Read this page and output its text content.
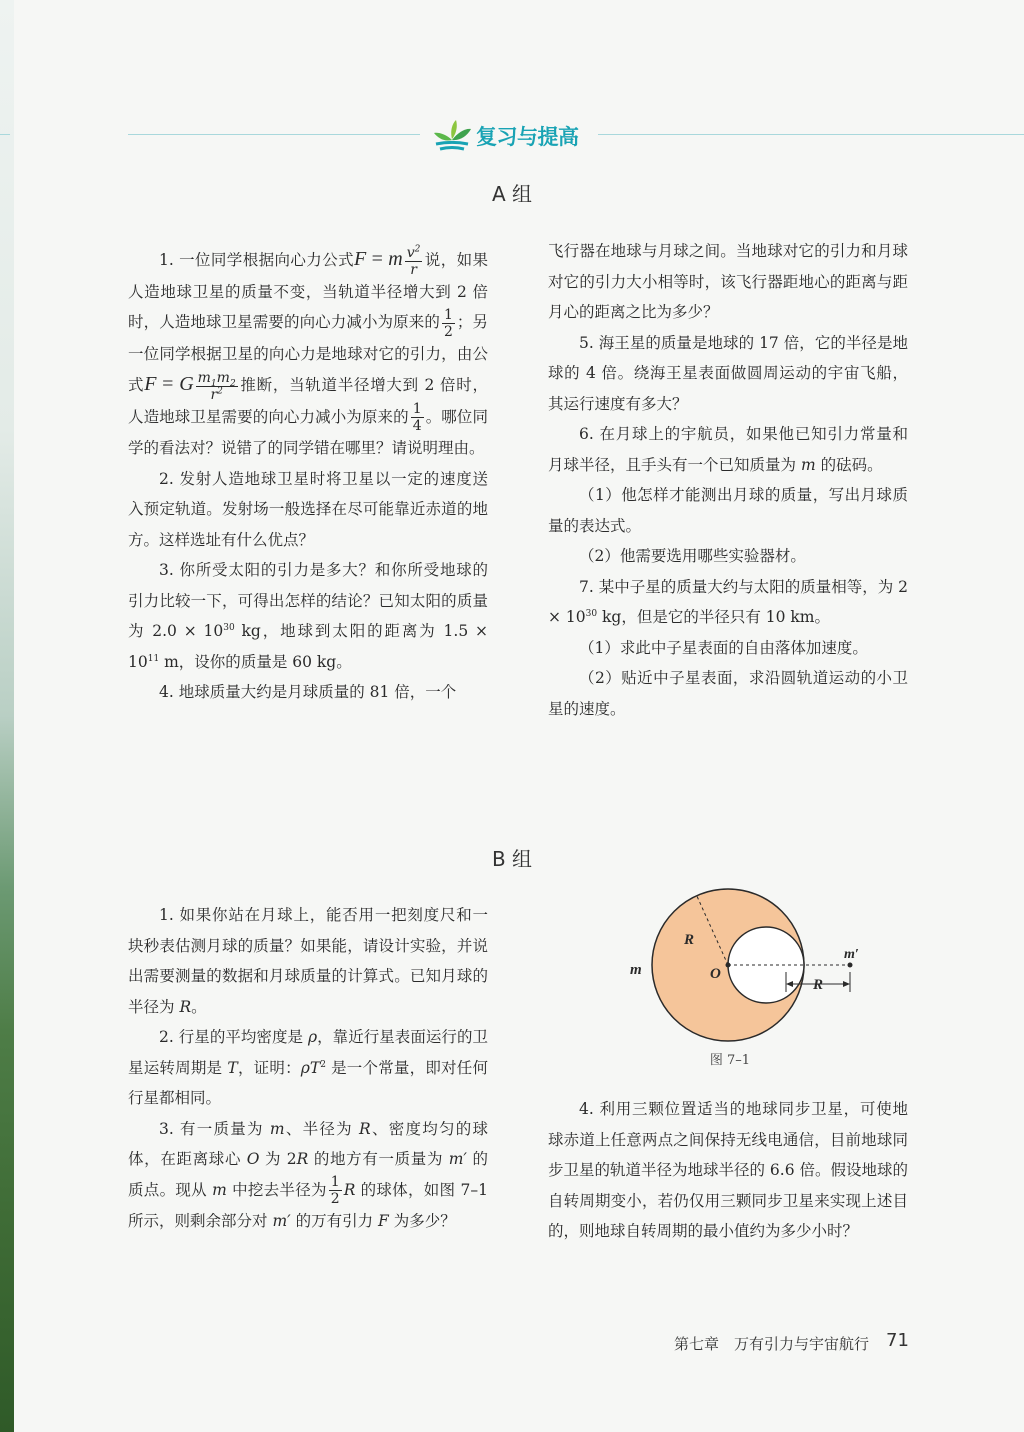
复习与提高
A 组

1. 一位同学根据向心力公式F = m $\frac{v^2}{r}$ 说，如果人造地球卫星的质量不变，当轨道半径增大到 2 倍时，人造地球卫星需要的向心力减小为原来的 $\frac{1}{2}$ ；另一位同学根据卫星的向心力是地球对它的引力，由公式F = G $\frac{m_1m_2}{r^2}$ 推断，当轨道半径增大到 2 倍时，人造地球卫星需要的向心力减小为原来的 $\frac{1}{4}$ 。哪位同学的看法对？说错了的同学错在哪里？请说明理由。

2. 发射人造地球卫星时将卫星以一定的速度送入预定轨道。发射场一般选择在尽可能靠近赤道的地方。这样选址有什么优点？

3. 你所受太阳的引力是多大？和你所受地球的引力比较一下，可得出怎样的结论？已知太阳的质量为 $2.0 \times 10^{30}$ kg，地球到太阳的距离为 $1.5 \times 10^{11}$ m，设你的质量是 60 kg。

4. 地球质量大约是月球质量的 81 倍，一个

飞行器在地球与月球之间。当地球对它的引力和月球对它的引力大小相等时，该飞行器距地心的距离与距月心的距离之比为多少？

5. 海王星的质量是地球的 17 倍，它的半径是地球的 4 倍。绕海王星表面做圆周运动的宇宙飞船，其运行速度有多大？

6. 在月球上的宇航员，如果他已知引力常量和月球半径，且手头有一个已知质量为 m 的砝码。

（1）他怎样才能测出月球的质量，写出月球质量的表达式。

（2）他需要选用哪些实验器材。

7. 某中子星的质量大约与太阳的质量相等，为 $2 \times 10^{30}$ kg，但是它的半径只有 10 km。

（1）求此中子星表面的自由落体加速度。

（2）贴近中子星表面，求沿圆轨道运动的小卫星的速度。

B 组

1. 如果你站在月球上，能否用一把刻度尺和一块秒表估测月球的质量？如果能，请设计实验，并说出需要测量的数据和月球质量的计算式。已知月球的半径为 R。

2. 行星的平均密度是 ρ，靠近行星表面运行的卫星运转周期是 T，证明：$\rho T^2$ 是一个常量，即对任何行星都相同。

3. 有一质量为 m、半径为 R、密度均匀的球体，在距离球心 O 为 2R 的地方有一质量为 m′ 的质点。现从 m 中挖去半径为 $\frac{1}{2}$ R 的球体，如图 7–1 所示，则剩余部分对 m′ 的万有引力 F 为多少？

R
m	O
m′
R
图 7–1

4. 利用三颗位置适当的地球同步卫星，可使地球赤道上任意两点之间保持无线电通信，目前地球同步卫星的轨道半径为地球半径的 6.6 倍。假设地球的自转周期变小，若仍仅用三颗同步卫星来实现上述目的，则地球自转周期的最小值约为多少小时？

第七章　万有引力与宇宙航行 71
